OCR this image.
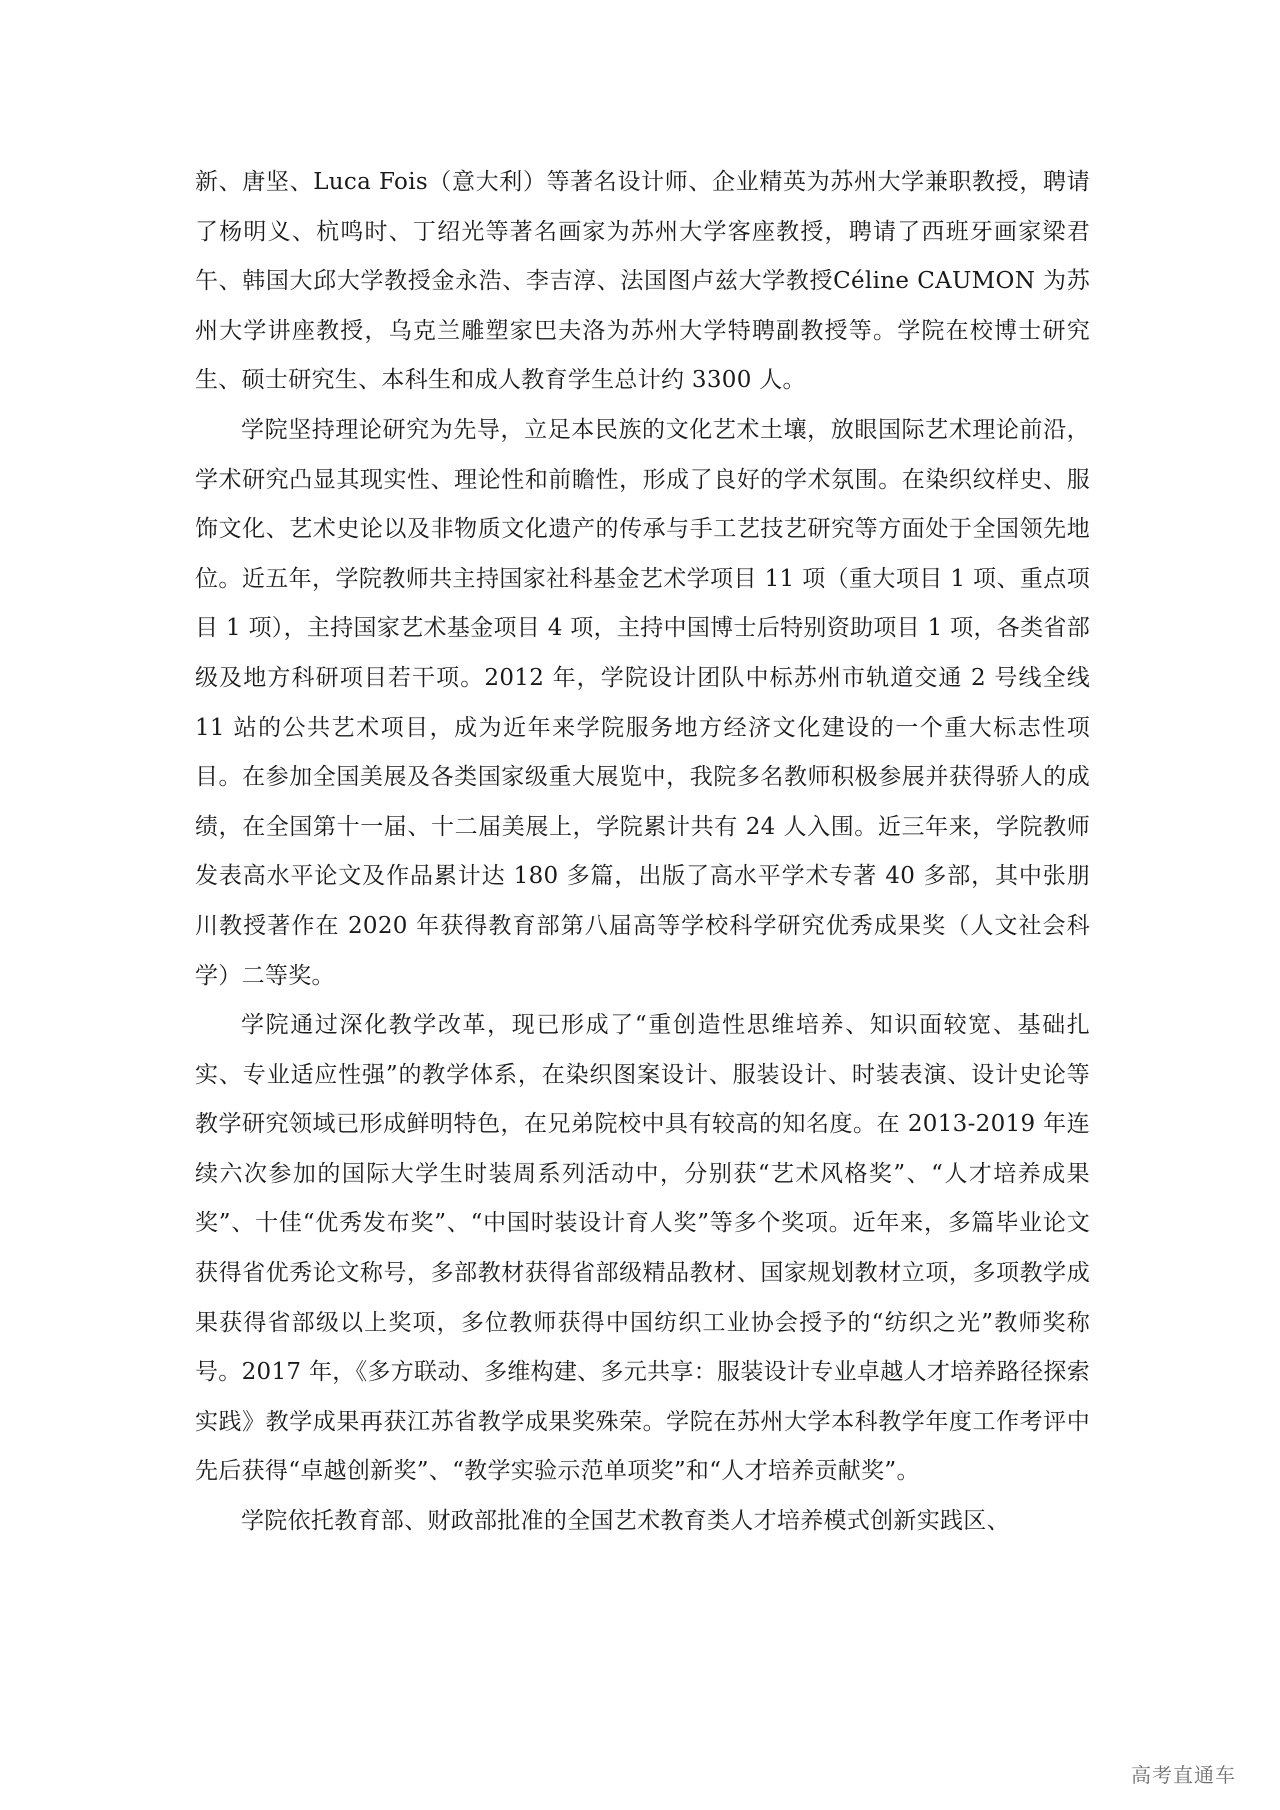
新、唐坚、Luca Fois（意大利）等著名设计师、企业精英为苏州大学兼职教授，聘请了杨明义、杭鸣时、丁绍光等著名画家为苏州大学客座教授，聘请了西班牙画家梁君午、韩国大邱大学教授金永浩、李吉淳、法国图卢兹大学教授Céline CAUMON 为苏州大学讲座教授，乌克兰雕塑家巴夫洛为苏州大学特聘副教授等。学院在校博士研究生、硕士研究生、本科生和成人教育学生总计约 3300 人。

学院坚持理论研究为先导，立足本民族的文化艺术土壤，放眼国际艺术理论前沿，学术研究凸显其现实性、理论性和前瞻性，形成了良好的学术氛围。在染织纹样史、服饰文化、艺术史论以及非物质文化遗产的传承与手工艺技艺研究等方面处于全国领先地位。近五年，学院教师共主持国家社科基金艺术学项目 11 项（重大项目 1 项、重点项目 1 项），主持国家艺术基金项目 4 项，主持中国博士后特别资助项目 1 项，各类省部级及地方科研项目若干项。2012 年，学院设计团队中标苏州市轨道交通 2 号线全线 11 站的公共艺术项目，成为近年来学院服务地方经济文化建设的一个重大标志性项目。在参加全国美展及各类国家级重大展览中，我院多名教师积极参展并获得骄人的成绩，在全国第十一届、十二届美展上，学院累计共有 24 人入围。近三年来，学院教师发表高水平论文及作品累计达 180 多篇，出版了高水平学术专著 40 多部，其中张朋川教授著作在 2020 年获得教育部第八届高等学校科学研究优秀成果奖（人文社会科学）二等奖。

学院通过深化教学改革，现已形成了“重创造性思维培养、知识面较宽、基础扎实、专业适应性强”的教学体系，在染织图案设计、服装设计、时装表演、设计史论等教学研究领域已形成鲜明特色，在兄弟院校中具有较高的知名度。在 2013-2019 年连续六次参加的国际大学生时装周系列活动中，分别获“艺术风格奖”、“人才培养成果奖”、十佳“优秀发布奖”、“中国时装设计育人奖”等多个奖项。近年来，多篇毕业论文获得省优秀论文称号，多部教材获得省部级精品教材、国家规划教材立项，多项教学成果获得省部级以上奖项，多位教师获得中国纺织工业协会授予的“纺织之光”教师奖称号。2017 年，《多方联动、多维构建、多元共享：服装设计专业卓越人才培养路径探索实践》教学成果再获江苏省教学成果奖殊荣。学院在苏州大学本科教学年度工作考评中先后获得“卓越创新奖”、“教学实验示范单项奖”和“人才培养贡献奖”。

学院依托教育部、财政部批准的全国艺术教育类人才培养模式创新实践区、

高考直通车
